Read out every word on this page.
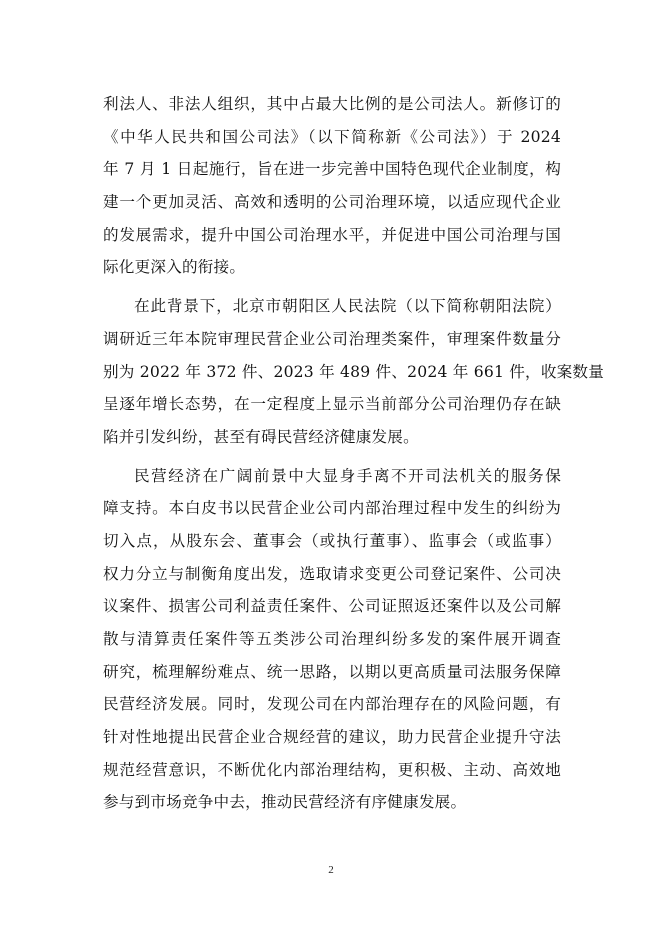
利法人、非法人组织，其中占最大比例的是公司法人。新修订的
《中华人民共和国公司法》（以下简称新《公司法》）于 2024
年 7 月 1 日起施行，旨在进一步完善中国特色现代企业制度，构
建一个更加灵活、高效和透明的公司治理环境，以适应现代企业
的发展需求，提升中国公司治理水平，并促进中国公司治理与国
际化更深入的衔接。
在此背景下，北京市朝阳区人民法院（以下简称朝阳法院）
调研近三年本院审理民营企业公司治理类案件，审理案件数量分
别为 2022 年 372 件、2023 年 489 件、2024 年 661 件，收案数量
呈逐年增长态势，在一定程度上显示当前部分公司治理仍存在缺
陷并引发纠纷，甚至有碍民营经济健康发展。
民营经济在广阔前景中大显身手离不开司法机关的服务保
障支持。本白皮书以民营企业公司内部治理过程中发生的纠纷为
切入点，从股东会、董事会（或执行董事）、监事会（或监事）
权力分立与制衡角度出发，选取请求变更公司登记案件、公司决
议案件、损害公司利益责任案件、公司证照返还案件以及公司解
散与清算责任案件等五类涉公司治理纠纷多发的案件展开调查
研究，梳理解纷难点、统一思路，以期以更高质量司法服务保障
民营经济发展。同时，发现公司在内部治理存在的风险问题，有
针对性地提出民营企业合规经营的建议，助力民营企业提升守法
规范经营意识，不断优化内部治理结构，更积极、主动、高效地
参与到市场竞争中去，推动民营经济有序健康发展。
2
